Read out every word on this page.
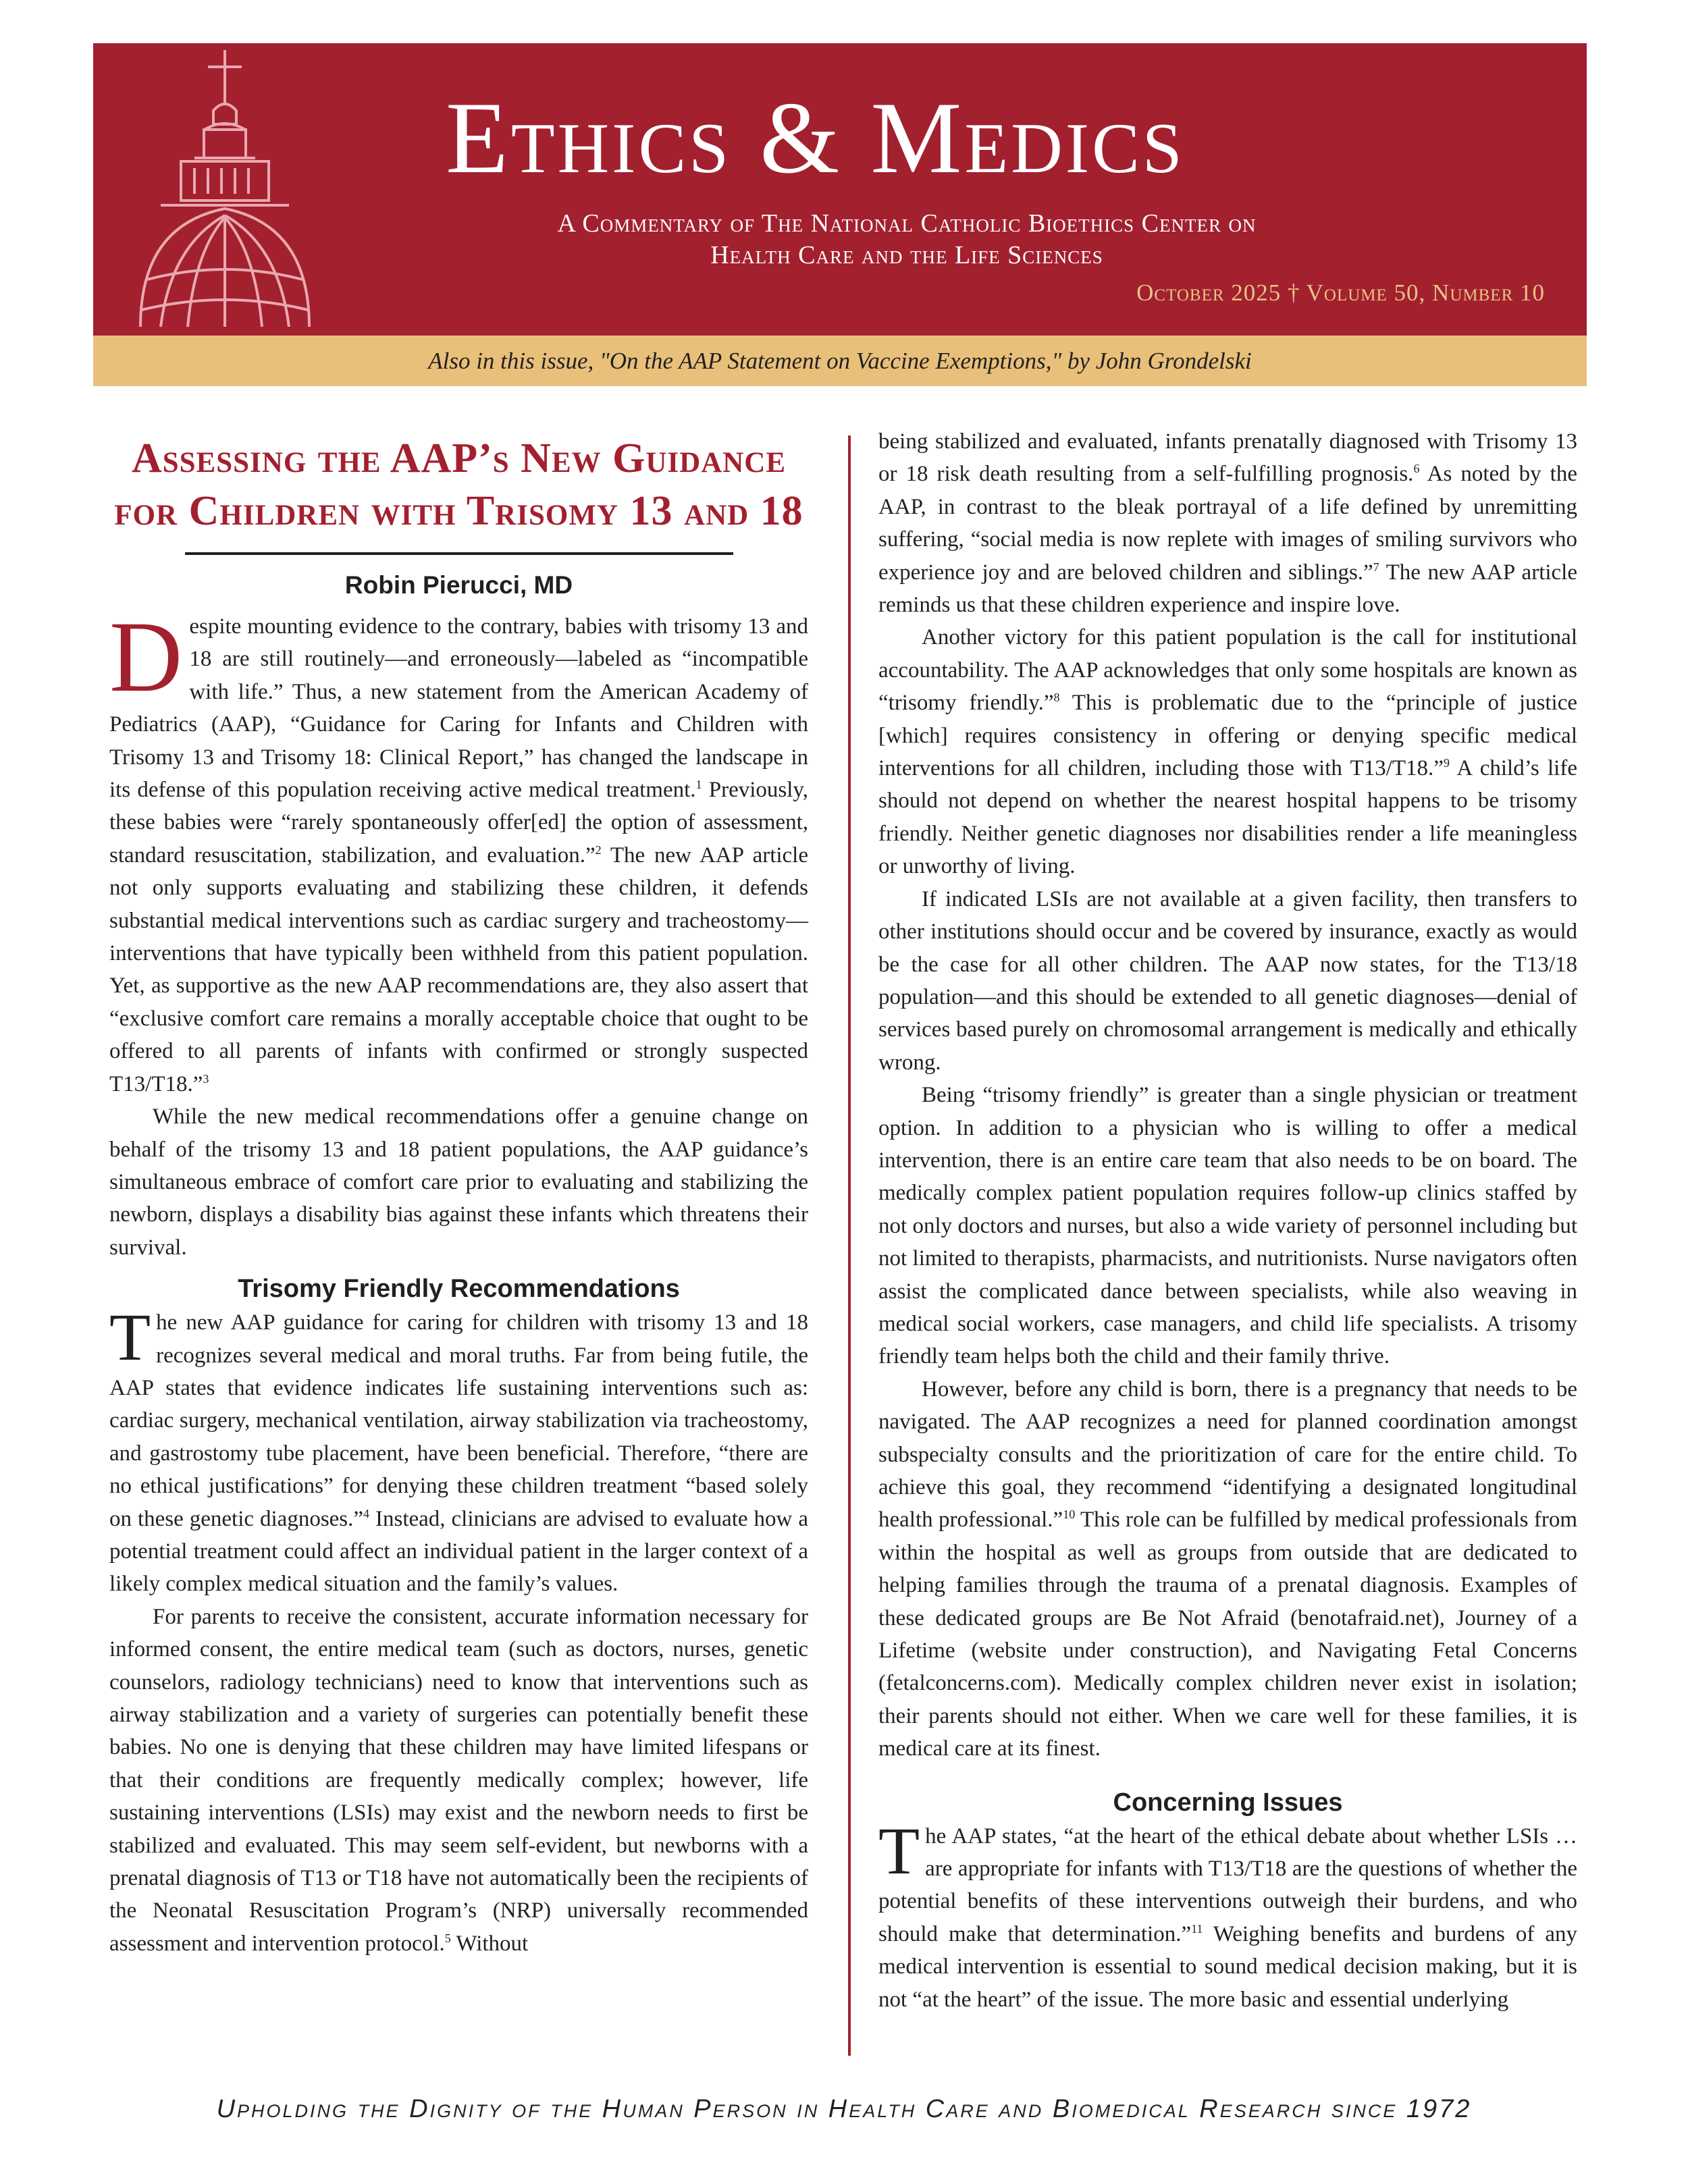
Ethics & Medics
A Commentary of The National Catholic Bioethics Center on
Health Care and the Life Sciences
October 2025 † Volume 50, Number 10
Also in this issue, "On the AAP Statement on Vaccine Exemptions," by John Grondelski
Assessing the AAP’s New Guidance for Children with Trisomy 13 and 18
Robin Pierucci, MD

Despite mounting evidence to the contrary, babies with trisomy 13 and 18 are still routinely—and erroneously—labeled as “incompatible with life.” Thus, a new statement from the American Academy of Pediatrics (AAP), “Guidance for Caring for Infants and Children with Trisomy 13 and Trisomy 18: Clinical Report,” has changed the landscape in its defense of this population receiving active medical treatment.$^1$ Previously, these babies were “rarely spontaneously offer[ed] the option of assessment, standard resuscitation, stabilization, and evaluation.”$^2$ The new AAP article not only supports evaluating and stabilizing these children, it defends substantial medical interventions such as cardiac surgery and tracheostomy—interventions that have typically been withheld from this patient population. Yet, as supportive as the new AAP recommendations are, they also assert that “exclusive comfort care remains a morally acceptable choice that ought to be offered to all parents of infants with confirmed or strongly suspected T13/T18.”$^3$

While the new medical recommendations offer a genuine change on behalf of the trisomy 13 and 18 patient populations, the AAP guidance’s simultaneous embrace of comfort care prior to evaluating and stabilizing the newborn, displays a disability bias against these infants which threatens their survival.

Trisomy Friendly Recommendations

The new AAP guidance for caring for children with trisomy 13 and 18 recognizes several medical and moral truths. Far from being futile, the AAP states that evidence indicates life sustaining interventions such as: cardiac surgery, mechanical ventilation, airway stabilization via tracheostomy, and gastrostomy tube placement, have been beneficial. Therefore, “there are no ethical justifications” for denying these children treatment “based solely on these genetic diagnoses.”$^4$ Instead, clinicians are advised to evaluate how a potential treatment could affect an individual patient in the larger context of a likely complex medical situation and the family’s values.

For parents to receive the consistent, accurate information necessary for informed consent, the entire medical team (such as doctors, nurses, genetic counselors, radiology technicians) need to know that interventions such as airway stabilization and a variety of surgeries can potentially benefit these babies. No one is denying that these children may have limited lifespans or that their conditions are frequently medically complex; however, life sustaining interventions (LSIs) may exist and the newborn needs to first be stabilized and evaluated. This may seem self-evident, but newborns with a prenatal diagnosis of T13 or T18 have not automatically been the recipients of the Neonatal Resuscitation Program’s (NRP) universally recommended assessment and intervention protocol.$^5$ Without

being stabilized and evaluated, infants prenatally diagnosed with Trisomy 13 or 18 risk death resulting from a self-fulfilling prognosis.$^6$ As noted by the AAP, in contrast to the bleak portrayal of a life defined by unremitting suffering, “social media is now replete with images of smiling survivors who experience joy and are beloved children and siblings.”$^7$ The new AAP article reminds us that these children experience and inspire love.

Another victory for this patient population is the call for institutional accountability. The AAP acknowledges that only some hospitals are known as “trisomy friendly.”$^8$ This is problematic due to the “principle of justice [which] requires consistency in offering or denying specific medical interventions for all children, including those with T13/T18.”$^9$ A child’s life should not depend on whether the nearest hospital happens to be trisomy friendly. Neither genetic diagnoses nor disabilities render a life meaningless or unworthy of living.

If indicated LSIs are not available at a given facility, then transfers to other institutions should occur and be covered by insurance, exactly as would be the case for all other children. The AAP now states, for the T13/18 population—and this should be extended to all genetic diagnoses—denial of services based purely on chromosomal arrangement is medically and ethically wrong.

Being “trisomy friendly” is greater than a single physician or treatment option. In addition to a physician who is willing to offer a medical intervention, there is an entire care team that also needs to be on board. The medically complex patient population requires follow-up clinics staffed by not only doctors and nurses, but also a wide variety of personnel including but not limited to therapists, pharmacists, and nutritionists. Nurse navigators often assist the complicated dance between specialists, while also weaving in medical social workers, case managers, and child life specialists. A trisomy friendly team helps both the child and their family thrive.

However, before any child is born, there is a pregnancy that needs to be navigated. The AAP recognizes a need for planned coordination amongst subspecialty consults and the prioritization of care for the entire child. To achieve this goal, they recommend “identifying a designated longitudinal health professional.”$^{10}$ This role can be fulfilled by medical professionals from within the hospital as well as groups from outside that are dedicated to helping families through the trauma of a prenatal diagnosis. Examples of these dedicated groups are Be Not Afraid (benotafraid.net), Journey of a Lifetime (website under construction), and Navigating Fetal Concerns (fetalconcerns.com). Medically complex children never exist in isolation; their parents should not either. When we care well for these families, it is medical care at its finest.

Concerning Issues

The AAP states, “at the heart of the ethical debate about whether LSIs … are appropriate for infants with T13/T18 are the questions of whether the potential benefits of these interventions outweigh their burdens, and who should make that determination.”$^{11}$ Weighing benefits and burdens of any medical intervention is essential to sound medical decision making, but it is not “at the heart” of the issue. The more basic and essential underlying

Upholding the Dignity of the Human Person in Health Care and Biomedical Research since 1972
